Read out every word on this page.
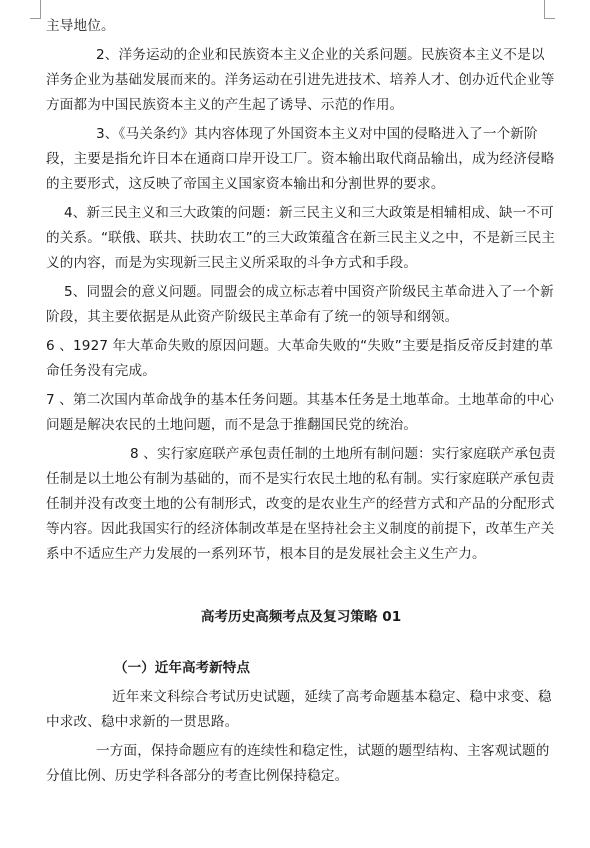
主导地位。

2、洋务运动的企业和民族资本主义企业的关系问题。民族资本主义不是以洋务企业为基础发展而来的。洋务运动在引进先进技术、培养人才、创办近代企业等方面都为中国民族资本主义的产生起了诱导、示范的作用。

3、《马关条约》其内容体现了外国资本主义对中国的侵略进入了一个新阶段，主要是指允许日本在通商口岸开设工厂。资本输出取代商品输出，成为经济侵略的主要形式，这反映了帝国主义国家资本输出和分割世界的要求。

4、新三民主义和三大政策的问题：新三民主义和三大政策是相辅相成、缺一不可的关系。“联俄、联共、扶助农工”的三大政策蕴含在新三民主义之中，不是新三民主义的内容，而是为实现新三民主义所采取的斗争方式和手段。

5、同盟会的意义问题。同盟会的成立标志着中国资产阶级民主革命进入了一个新阶段，其主要依据是从此资产阶级民主革命有了统一的领导和纲领。

6 、1927 年大革命失败的原因问题。大革命失败的“失败”主要是指反帝反封建的革命任务没有完成。

7 、第二次国内革命战争的基本任务问题。其基本任务是土地革命。土地革命的中心问题是解决农民的土地问题，而不是急于推翻国民党的统治。

8 、实行家庭联产承包责任制的土地所有制问题：实行家庭联产承包责任制是以土地公有制为基础的，而不是实行农民土地的私有制。实行家庭联产承包责任制并没有改变土地的公有制形式，改变的是农业生产的经营方式和产品的分配形式等内容。因此我国实行的经济体制改革是在坚持社会主义制度的前提下，改革生产关系中不适应生产力发展的一系列环节，根本目的是发展社会主义生产力。

高考历史高频考点及复习策略 01
（一）近年高考新特点

近年来文科综合考试历史试题，延续了高考命题基本稳定、稳中求变、稳中求改、稳中求新的一贯思路。

一方面，保持命题应有的连续性和稳定性，试题的题型结构、主客观试题的分值比例、历史学科各部分的考查比例保持稳定。
